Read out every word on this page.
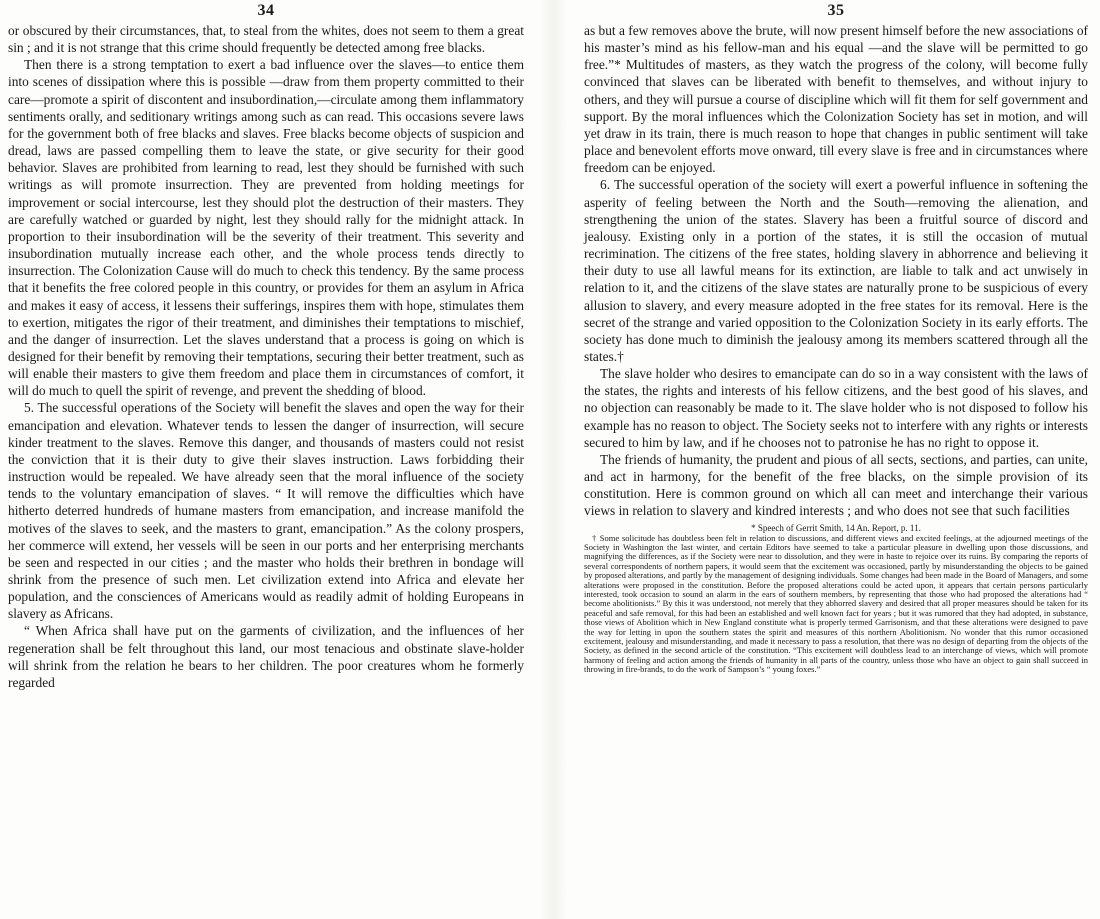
34

or obscured by their circumstances, that, to steal from the whites, does not seem to them a great sin ; and it is not strange that this crime should frequently be detected among free blacks.

Then there is a strong temptation to exert a bad influence over the slaves—to entice them into scenes of dissipation where this is possible —draw from them property committed to their care—promote a spirit of discontent and insubordination,—circulate among them inflammatory sentiments orally, and seditionary writings among such as can read. This occasions severe laws for the government both of free blacks and slaves. Free blacks become objects of suspicion and dread, laws are passed compelling them to leave the state, or give security for their good behavior. Slaves are prohibited from learning to read, lest they should be furnished with such writings as will promote insurrection. They are prevented from holding meetings for improvement or social intercourse, lest they should plot the destruction of their masters. They are carefully watched or guarded by night, lest they should rally for the midnight attack. In proportion to their insubordination will be the severity of their treatment. This severity and insubordination mutually increase each other, and the whole process tends directly to insurrection. The Colonization Cause will do much to check this tendency. By the same process that it benefits the free colored people in this country, or provides for them an asylum in Africa and makes it easy of access, it lessens their sufferings, inspires them with hope, stimulates them to exertion, mitigates the rigor of their treatment, and diminishes their temptations to mischief, and the danger of insurrection. Let the slaves understand that a process is going on which is designed for their benefit by removing their temptations, securing their better treatment, such as will enable their masters to give them freedom and place them in circumstances of comfort, it will do much to quell the spirit of revenge, and prevent the shedding of blood.

5. The successful operations of the Society will benefit the slaves and open the way for their emancipation and elevation. Whatever tends to lessen the danger of insurrection, will secure kinder treatment to the slaves. Remove this danger, and thousands of masters could not resist the conviction that it is their duty to give their slaves instruction. Laws forbidding their instruction would be repealed. We have already seen that the moral influence of the society tends to the voluntary emancipation of slaves. “ It will remove the difficulties which have hitherto deterred hundreds of humane masters from emancipation, and increase manifold the motives of the slaves to seek, and the masters to grant, emancipation.” As the colony prospers, her commerce will extend, her vessels will be seen in our ports and her enterprising merchants be seen and respected in our cities ; and the master who holds their brethren in bondage will shrink from the presence of such men. Let civilization extend into Africa and elevate her population, and the consciences of Americans would as readily admit of holding Europeans in slavery as Africans.

“ When Africa shall have put on the garments of civilization, and the influences of her regeneration shall be felt throughout this land, our most tenacious and obstinate slave-holder will shrink from the relation he bears to her children. The poor creatures whom he formerly regarded

35

as but a few removes above the brute, will now present himself before the new associations of his master’s mind as his fellow-man and his equal —and the slave will be permitted to go free.”* Multitudes of masters, as they watch the progress of the colony, will become fully convinced that slaves can be liberated with benefit to themselves, and without injury to others, and they will pursue a course of discipline which will fit them for self government and support. By the moral influences which the Colonization Society has set in motion, and will yet draw in its train, there is much reason to hope that changes in public sentiment will take place and benevolent efforts move onward, till every slave is free and in circumstances where freedom can be enjoyed.

6. The successful operation of the society will exert a powerful influence in softening the asperity of feeling between the North and the South—removing the alienation, and strengthening the union of the states. Slavery has been a fruitful source of discord and jealousy. Existing only in a portion of the states, it is still the occasion of mutual recrimination. The citizens of the free states, holding slavery in abhorrence and believing it their duty to use all lawful means for its extinction, are liable to talk and act unwisely in relation to it, and the citizens of the slave states are naturally prone to be suspicious of every allusion to slavery, and every measure adopted in the free states for its removal. Here is the secret of the strange and varied opposition to the Colonization Society in its early efforts. The society has done much to diminish the jealousy among its members scattered through all the states.†

The slave holder who desires to emancipate can do so in a way consistent with the laws of the states, the rights and interests of his fellow citizens, and the best good of his slaves, and no objection can reasonably be made to it. The slave holder who is not disposed to follow his example has no reason to object. The Society seeks not to interfere with any rights or interests secured to him by law, and if he chooses not to patronise he has no right to oppose it.

The friends of humanity, the prudent and pious of all sects, sections, and parties, can unite, and act in harmony, for the benefit of the free blacks, on the simple provision of its constitution. Here is common ground on which all can meet and interchange their various views in relation to slavery and kindred interests ; and who does not see that such facilities

* Speech of Gerrit Smith, 14 An. Report, p. 11.

† Some solicitude has doubtless been felt in relation to discussions, and different views and excited feelings, at the adjourned meetings of the Society in Washington the last winter, and certain Editors have seemed to take a particular pleasure in dwelling upon those discussions, and magnifying the differences, as if the Society were near to dissolution, and they were in haste to rejoice over its ruins. By comparing the reports of several correspondents of northern papers, it would seem that the excitement was occasioned, partly by misunderstanding the objects to be gained by proposed alterations, and partly by the management of designing individuals. Some changes had been made in the Board of Managers, and some alterations were proposed in the constitution. Before the proposed alterations could be acted upon, it appears that certain persons particularly interested, took occasion to sound an alarm in the ears of southern members, by representing that those who had proposed the alterations had “ become abolitionists.” By this it was understood, not merely that they abhorred slavery and desired that all proper measures should be taken for its peaceful and safe removal, for this had been an established and well known fact for years ; but it was rumored that they had adopted, in substance, those views of Abolition which in New England constitute what is properly termed Garrisonism, and that these alterations were designed to pave the way for letting in upon the southern states the spirit and measures of this northern Abolitionism. No wonder that this rumor occasioned excitement, jealousy and misunderstanding, and made it necessary to pass a resolution, that there was no design of departing from the objects of the Society, as defined in the second article of the constitution. “This excitement will doubtless lead to an interchange of views, which will promote harmony of feeling and action among the friends of humanity in all parts of the country, unless those who have an object to gain shall succeed in throwing in fire-brands, to do the work of Sampson’s “ young foxes.”
